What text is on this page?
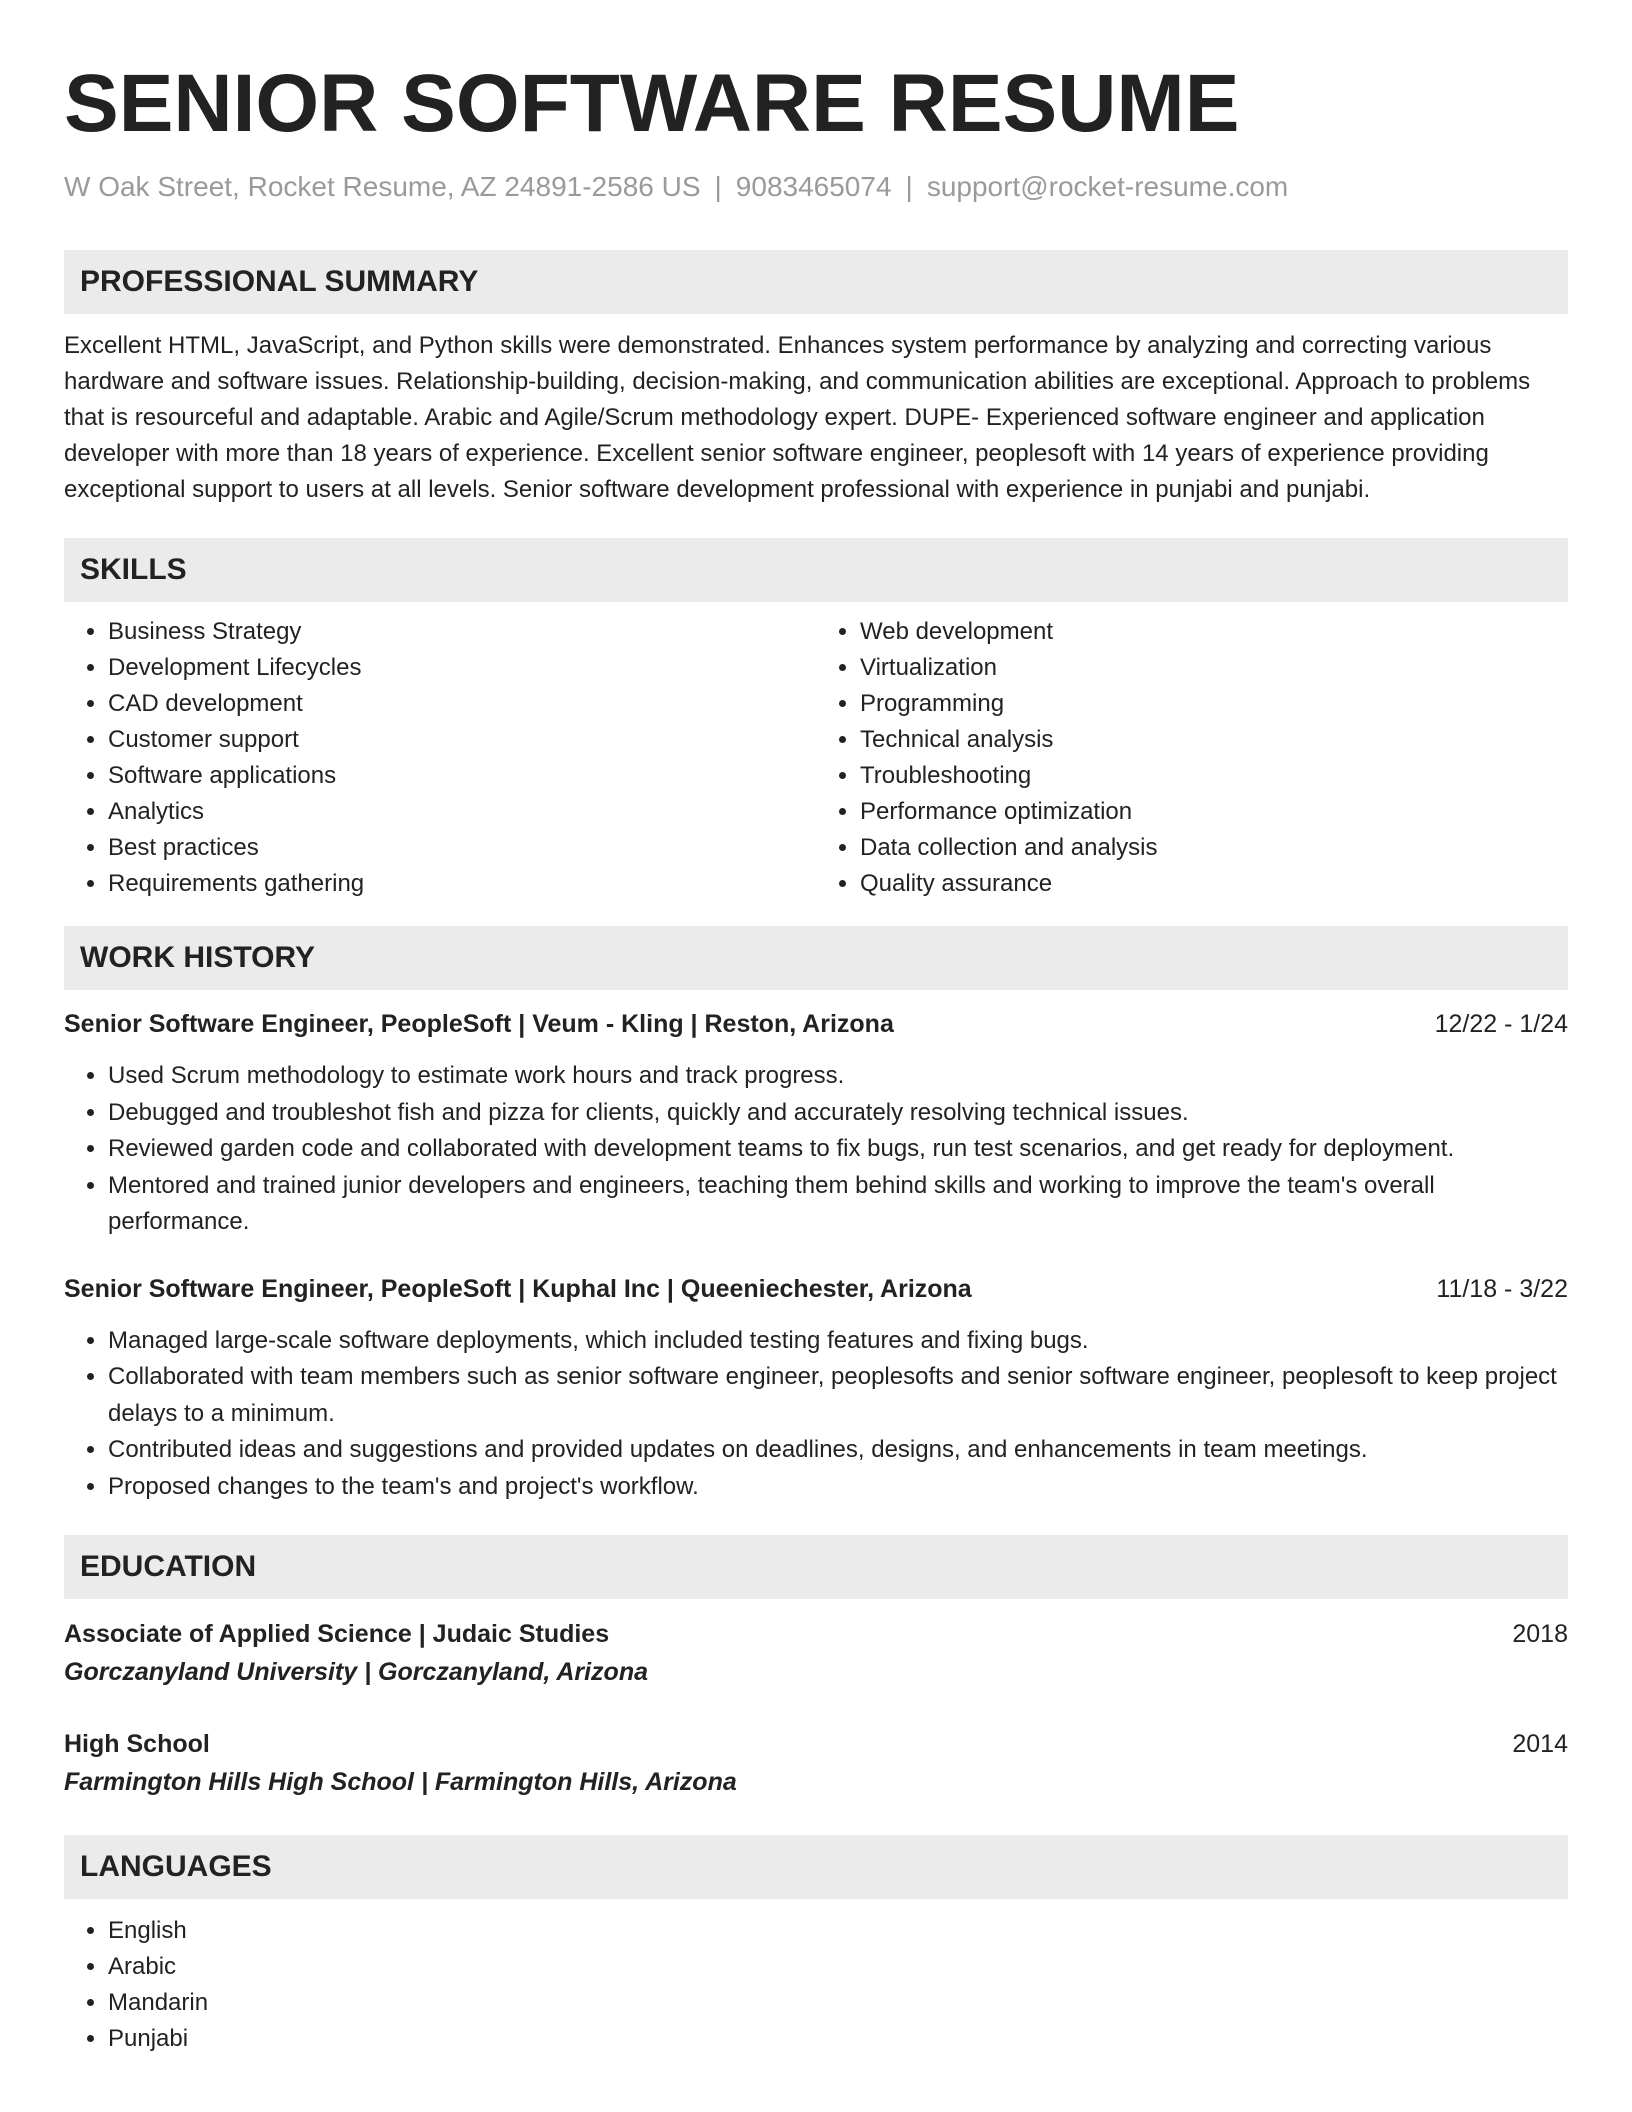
SENIOR SOFTWARE RESUME
W Oak Street, Rocket Resume, AZ 24891-2586 US | 9083465074 | support@rocket-resume.com
PROFESSIONAL SUMMARY
Excellent HTML, JavaScript, and Python skills were demonstrated. Enhances system performance by analyzing and correcting various hardware and software issues. Relationship-building, decision-making, and communication abilities are exceptional. Approach to problems that is resourceful and adaptable. Arabic and Agile/Scrum methodology expert. DUPE- Experienced software engineer and application developer with more than 18 years of experience. Excellent senior software engineer, peoplesoft with 14 years of experience providing exceptional support to users at all levels. Senior software development professional with experience in punjabi and punjabi.
SKILLS
• Business Strategy
• Development Lifecycles
• CAD development
• Customer support
• Software applications
• Analytics
• Best practices
• Requirements gathering
• Web development
• Virtualization
• Programming
• Technical analysis
• Troubleshooting
• Performance optimization
• Data collection and analysis
• Quality assurance
WORK HISTORY
Senior Software Engineer, PeopleSoft | Veum - Kling | Reston, Arizona	12/22 - 1/24
• Used Scrum methodology to estimate work hours and track progress.
• Debugged and troubleshot fish and pizza for clients, quickly and accurately resolving technical issues.
• Reviewed garden code and collaborated with development teams to fix bugs, run test scenarios, and get ready for deployment.
• Mentored and trained junior developers and engineers, teaching them behind skills and working to improve the team's overall performance.
Senior Software Engineer, PeopleSoft | Kuphal Inc | Queeniechester, Arizona	11/18 - 3/22
• Managed large-scale software deployments, which included testing features and fixing bugs.
• Collaborated with team members such as senior software engineer, peoplesofts and senior software engineer, peoplesoft to keep project delays to a minimum.
• Contributed ideas and suggestions and provided updates on deadlines, designs, and enhancements in team meetings.
• Proposed changes to the team's and project's workflow.
EDUCATION
Associate of Applied Science | Judaic Studies	2018
Gorczanyland University | Gorczanyland, Arizona
High School	2014
Farmington Hills High School | Farmington Hills, Arizona
LANGUAGES
• English
• Arabic
• Mandarin
• Punjabi
